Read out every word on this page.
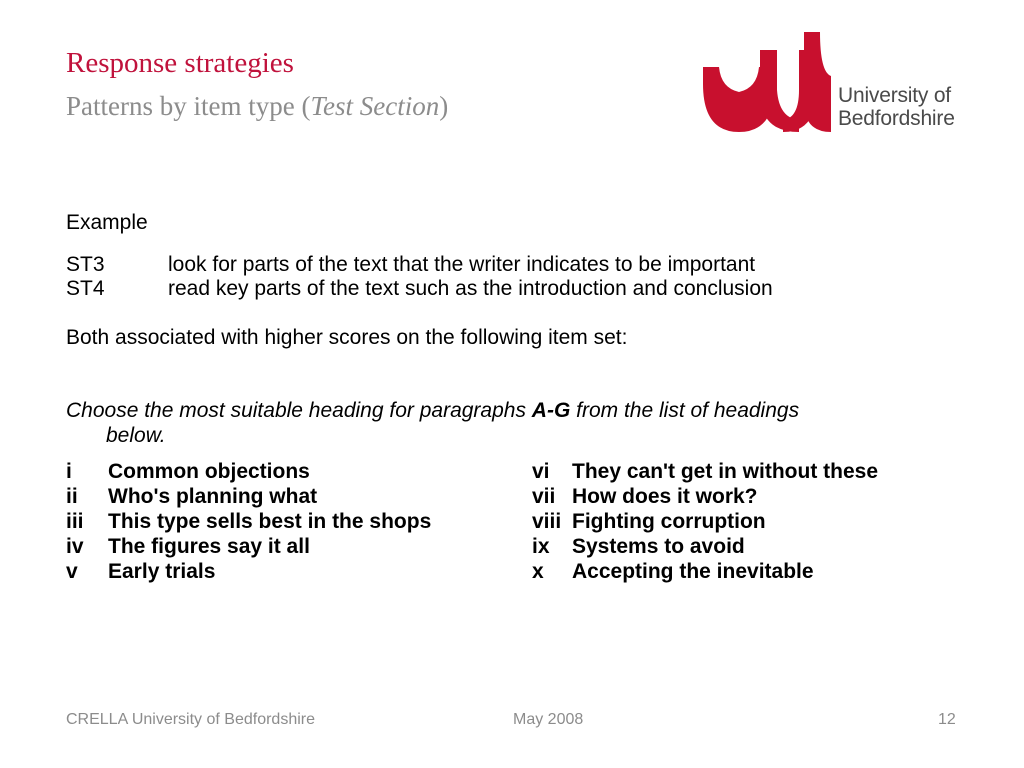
Response strategies
Patterns by item type (Test Section)	University of
Bedfordshire
Example
ST3	look for parts of the text that the writer indicates to be important
ST4	read key parts of the text such as the introduction and conclusion
Both associated with higher scores on the following item set:
Choose the most suitable heading for paragraphs A-G from the list of headings
below.
i Common objections
ii Who's planning what
iii This type sells best in the shops
iv The figures say it all
v Early trials
vi They can't get in without these
vii How does it work?
viii Fighting corruption
ix Systems to avoid
x Accepting the inevitable
CRELLA University of Bedfordshire	May 2008	12
